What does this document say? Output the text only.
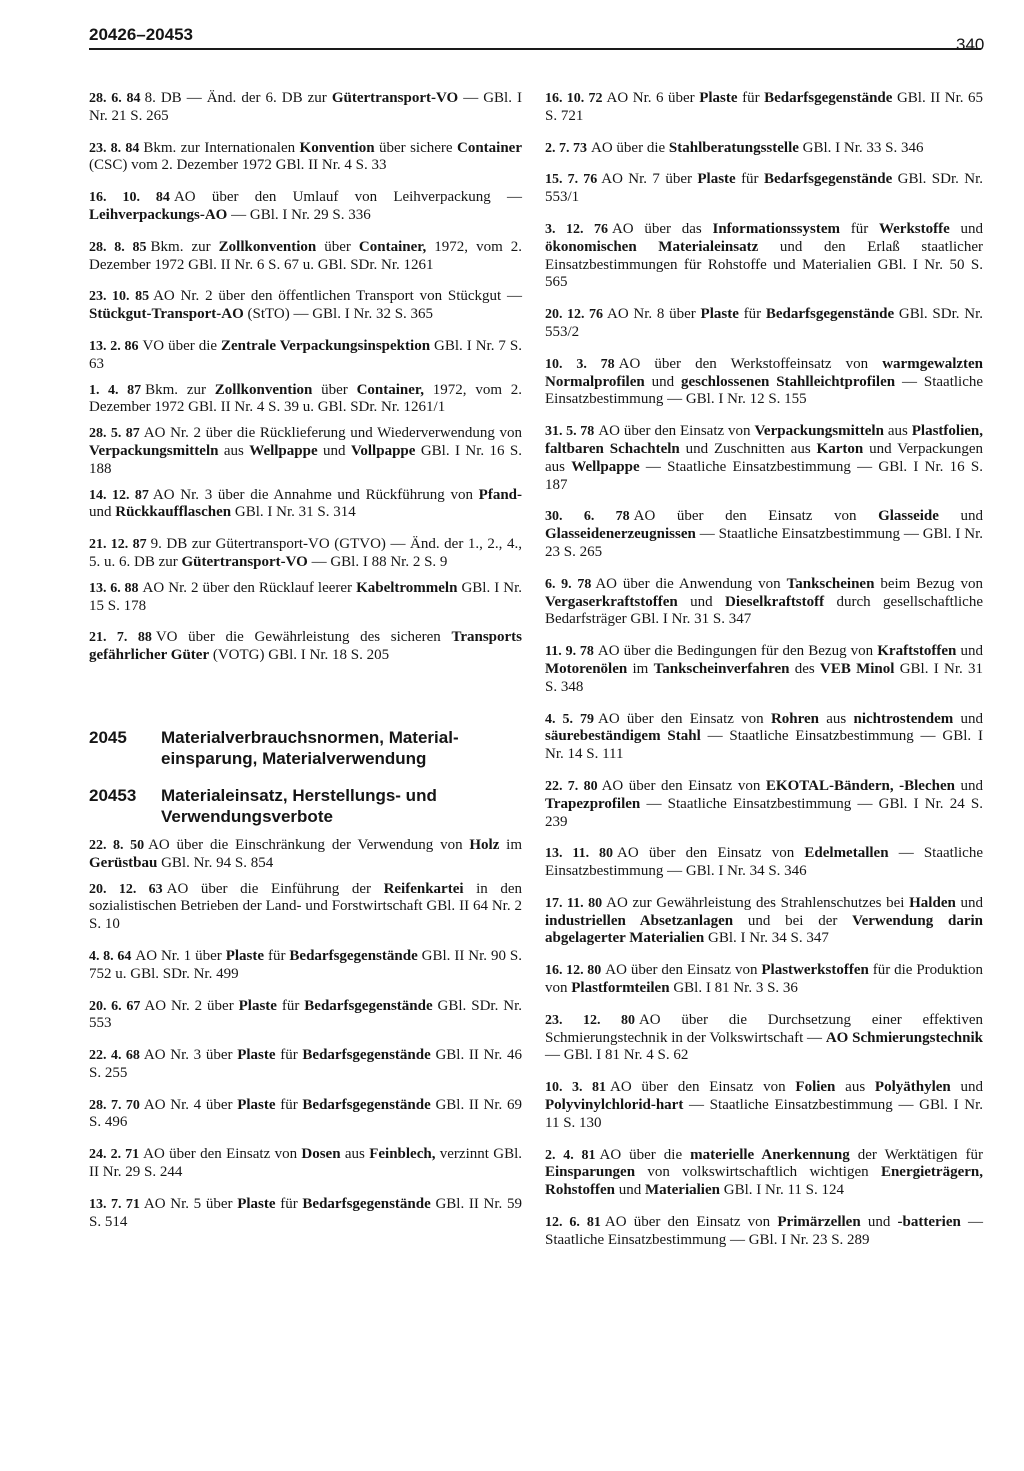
20426–20453
340

28. 6. 84 8. DB — Änd. der 6. DB zur Gütertransport-VO — GBl. I Nr. 21 S. 265

23. 8. 84 Bkm. zur Internationalen Konvention über sichere Container (CSC) vom 2. Dezember 1972 GBl. II Nr. 4 S. 33

16. 10. 84 AO über den Umlauf von Leihverpackung — Leihverpackungs-AO — GBl. I Nr. 29 S. 336

28. 8. 85 Bkm. zur Zollkonvention über Container, 1972, vom 2. Dezember 1972 GBl. II Nr. 6 S. 67 u. GBl. SDr. Nr. 1261

23. 10. 85 AO Nr. 2 über den öffentlichen Transport von Stückgut — Stückgut-Transport-AO (StTO) — GBl. I Nr. 32 S. 365

13. 2. 86 VO über die Zentrale Verpackungsinspektion GBl. I Nr. 7 S. 63

1. 4. 87 Bkm. zur Zollkonvention über Container, 1972, vom 2. Dezember 1972 GBl. II Nr. 4 S. 39 u. GBl. SDr. Nr. 1261/1

28. 5. 87 AO Nr. 2 über die Rücklieferung und Wiederverwendung von Verpackungsmitteln aus Wellpappe und Vollpappe GBl. I Nr. 16 S. 188

14. 12. 87 AO Nr. 3 über die Annahme und Rückführung von Pfand- und Rückkaufflaschen GBl. I Nr. 31 S. 314

21. 12. 87 9. DB zur Gütertransport-VO (GTVO) — Änd. der 1., 2., 4., 5. u. 6. DB zur Gütertransport-VO — GBl. I 88 Nr. 2 S. 9

13. 6. 88 AO Nr. 2 über den Rücklauf leerer Kabeltrommeln GBl. I Nr. 15 S. 178

21. 7. 88 VO über die Gewährleistung des sicheren Transports gefährlicher Güter (VOTG) GBl. I Nr. 18 S. 205

2045 Materialverbrauchsnormen, Material-
einsparung, Materialverwendung
20453 Materialeinsatz, Herstellungs- und
Verwendungsverbote

22. 8. 50 AO über die Einschränkung der Verwendung von Holz im Gerüstbau GBl. Nr. 94 S. 854

20. 12. 63 AO über die Einführung der Reifenkartei in den sozialistischen Betrieben der Land- und Forstwirtschaft GBl. II 64 Nr. 2 S. 10

4. 8. 64 AO Nr. 1 über Plaste für Bedarfsgegenstände GBl. II Nr. 90 S. 752 u. GBl. SDr. Nr. 499

20. 6. 67 AO Nr. 2 über Plaste für Bedarfsgegenstände GBl. SDr. Nr. 553

22. 4. 68 AO Nr. 3 über Plaste für Bedarfsgegenstände GBl. II Nr. 46 S. 255

28. 7. 70 AO Nr. 4 über Plaste für Bedarfsgegenstände GBl. II Nr. 69 S. 496

24. 2. 71 AO über den Einsatz von Dosen aus Feinblech, verzinnt GBl. II Nr. 29 S. 244

13. 7. 71 AO Nr. 5 über Plaste für Bedarfsgegenstände GBl. II Nr. 59 S. 514

16. 10. 72 AO Nr. 6 über Plaste für Bedarfsgegenstände GBl. II Nr. 65 S. 721

2. 7. 73 AO über die Stahlberatungsstelle GBl. I Nr. 33 S. 346

15. 7. 76 AO Nr. 7 über Plaste für Bedarfsgegenstände GBl. SDr. Nr. 553/1

3. 12. 76 AO über das Informationssystem für Werkstoffe und ökonomischen Materialeinsatz und den Erlaß staatlicher Einsatzbestimmungen für Rohstoffe und Materialien GBl. I Nr. 50 S. 565

20. 12. 76 AO Nr. 8 über Plaste für Bedarfsgegenstände GBl. SDr. Nr. 553/2

10. 3. 78 AO über den Werkstoffeinsatz von warmgewalzten Normalprofilen und geschlossenen Stahlleichtprofilen — Staatliche Einsatzbestimmung — GBl. I Nr. 12 S. 155

31. 5. 78 AO über den Einsatz von Verpackungsmitteln aus Plastfolien, faltbaren Schachteln und Zuschnitten aus Karton und Verpackungen aus Wellpappe — Staatliche Einsatzbestimmung — GBl. I Nr. 16 S. 187

30. 6. 78 AO über den Einsatz von Glasseide und Glasseidenerzeugnissen — Staatliche Einsatzbestimmung — GBl. I Nr. 23 S. 265

6. 9. 78 AO über die Anwendung von Tankscheinen beim Bezug von Vergaserkraftstoffen und Dieselkraftstoff durch gesellschaftliche Bedarfsträger GBl. I Nr. 31 S. 347

11. 9. 78 AO über die Bedingungen für den Bezug von Kraftstoffen und Motorenölen im Tankscheinverfahren des VEB Minol GBl. I Nr. 31 S. 348

4. 5. 79 AO über den Einsatz von Rohren aus nichtrostendem und säurebeständigem Stahl — Staatliche Einsatzbestimmung — GBl. I Nr. 14 S. 111

22. 7. 80 AO über den Einsatz von EKOTAL-Bändern, -Blechen und Trapezprofilen — Staatliche Einsatzbestimmung — GBl. I Nr. 24 S. 239

13. 11. 80 AO über den Einsatz von Edelmetallen — Staatliche Einsatzbestimmung — GBl. I Nr. 34 S. 346

17. 11. 80 AO zur Gewährleistung des Strahlenschutzes bei Halden und industriellen Absetzanlagen und bei der Verwendung darin abgelagerter Materialien GBl. I Nr. 34 S. 347

16. 12. 80 AO über den Einsatz von Plastwerkstoffen für die Produktion von Plastformteilen GBl. I 81 Nr. 3 S. 36

23. 12. 80 AO über die Durchsetzung einer effektiven Schmierungstechnik in der Volkswirtschaft — AO Schmierungstechnik — GBl. I 81 Nr. 4 S. 62

10. 3. 81 AO über den Einsatz von Folien aus Polyäthylen und Polyvinylchlorid-hart — Staatliche Einsatzbestimmung — GBl. I Nr. 11 S. 130

2. 4. 81 AO über die materielle Anerkennung der Werktätigen für Einsparungen von volkswirtschaftlich wichtigen Energieträgern, Rohstoffen und Materialien GBl. I Nr. 11 S. 124

12. 6. 81 AO über den Einsatz von Primärzellen und -batterien — Staatliche Einsatzbestimmung — GBl. I Nr. 23 S. 289
